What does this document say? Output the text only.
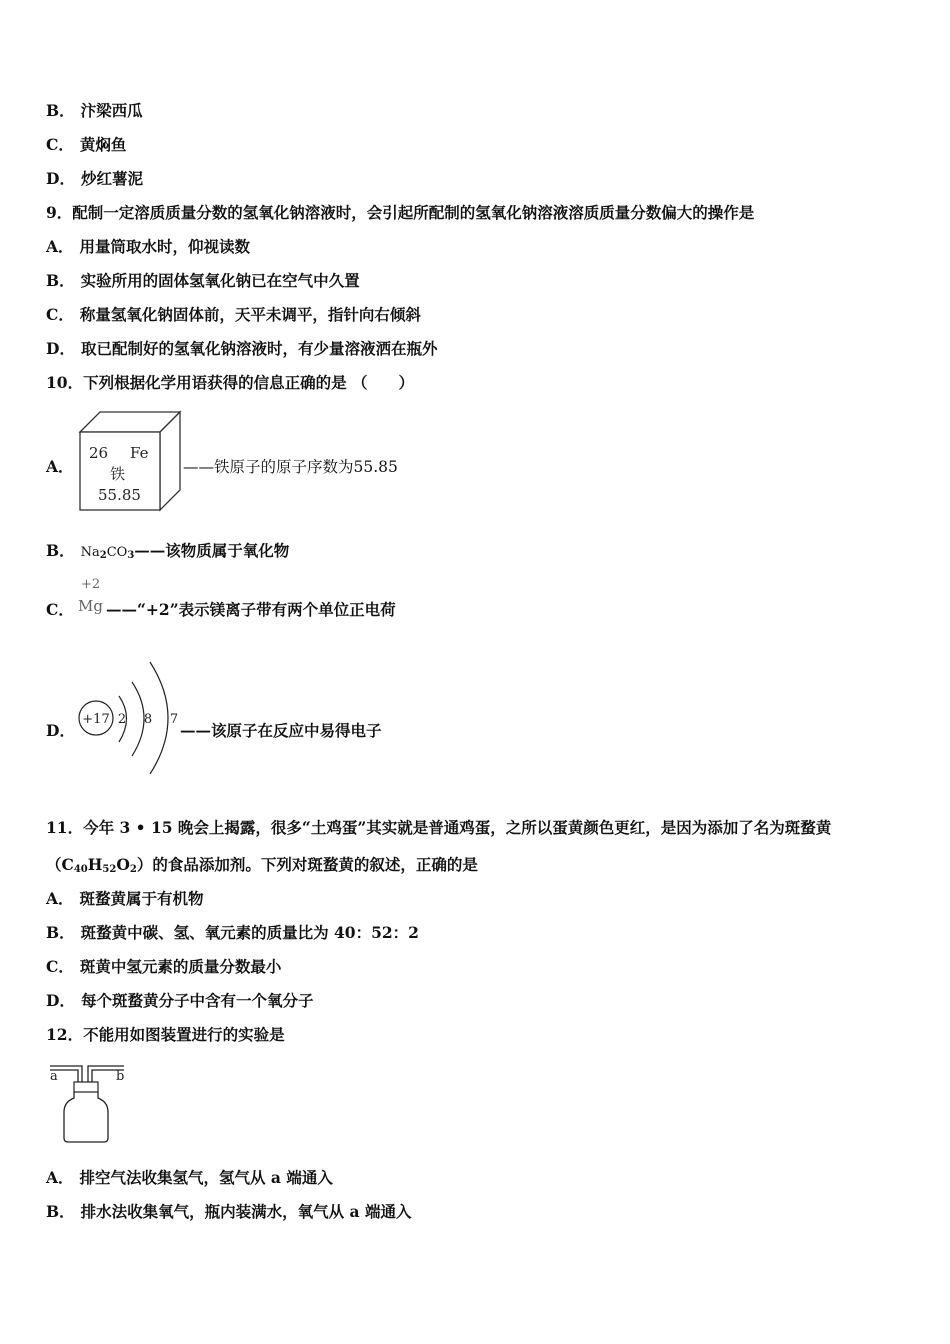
B． 汴梁西瓜
C． 黄焖鱼
D． 炒红薯泥
9．配制一定溶质质量分数的氢氧化钠溶液时，会引起所配制的氢氧化钠溶液溶质质量分数偏大的操作是
A． 用量筒取水时，仰视读数
B． 实验所用的固体氢氧化钠已在空气中久置
C． 称量氢氧化钠固体前，天平未调平，指针向右倾斜
D． 取已配制好的氢氧化钠溶液时，有少量溶液洒在瓶外
10．下列根据化学用语获得的信息正确的是 （　　）
A．
26 Fe
铁
55.85
——铁原子的原子序数为55.85
B． $Na_2CO_3——$该物质属于氧化物
C．
+2
Mg ——“+2”表示镁离子带有两个单位正电荷
D．
+17 2 8 7
——该原子在反应中易得电子
11．今年 3 • 15 晚会上揭露，很多“土鸡蛋”其实就是普通鸡蛋，之所以蛋黄颜色更红，是因为添加了名为斑蝥黄
$(C_{40}H_{52}O_2)$的食品添加剂。下列对斑蝥黄的叙述，正确的是
A． 斑蝥黄属于有机物
B． 斑蝥黄中碳、氢、氧元素的质量比为 40：52：2
C． 斑黄中氢元素的质量分数最小
D． 每个斑蝥黄分子中含有一个氧分子
12．不能用如图装置进行的实验是
a	b
A． 排空气法收集氢气，氢气从 a 端通入
B． 排水法收集氧气，瓶内装满水，氧气从 a 端通入
